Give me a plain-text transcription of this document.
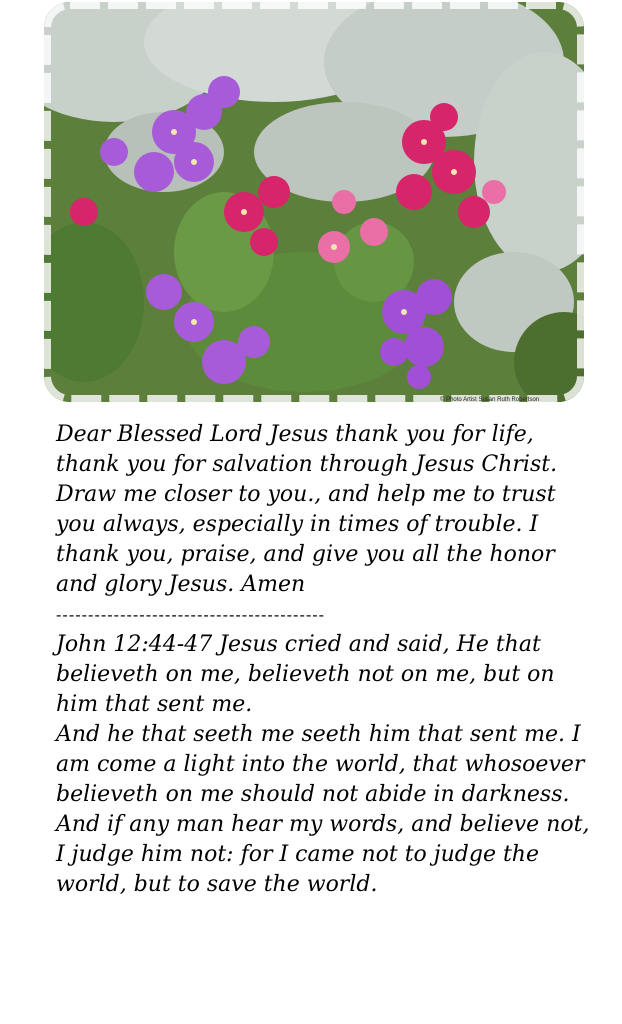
© Photo Artist Susan Ruth Robertson

Dear Blessed Lord Jesus thank you for life, thank you for salvation through Jesus Christ. Draw me closer to you., and help me to trust you always, especially in times of trouble. I thank you, praise, and give you all the honor and glory Jesus. Amen

------------------------------------------

John 12:44-47 Jesus cried and said, He that believeth on me, believeth not on me, but on him that sent me.

And he that seeth me seeth him that sent me. I am come a light into the world, that whosoever believeth on me should not abide in darkness.

And if any man hear my words, and believe not, I judge him not: for I came not to judge the world, but to save the world.
